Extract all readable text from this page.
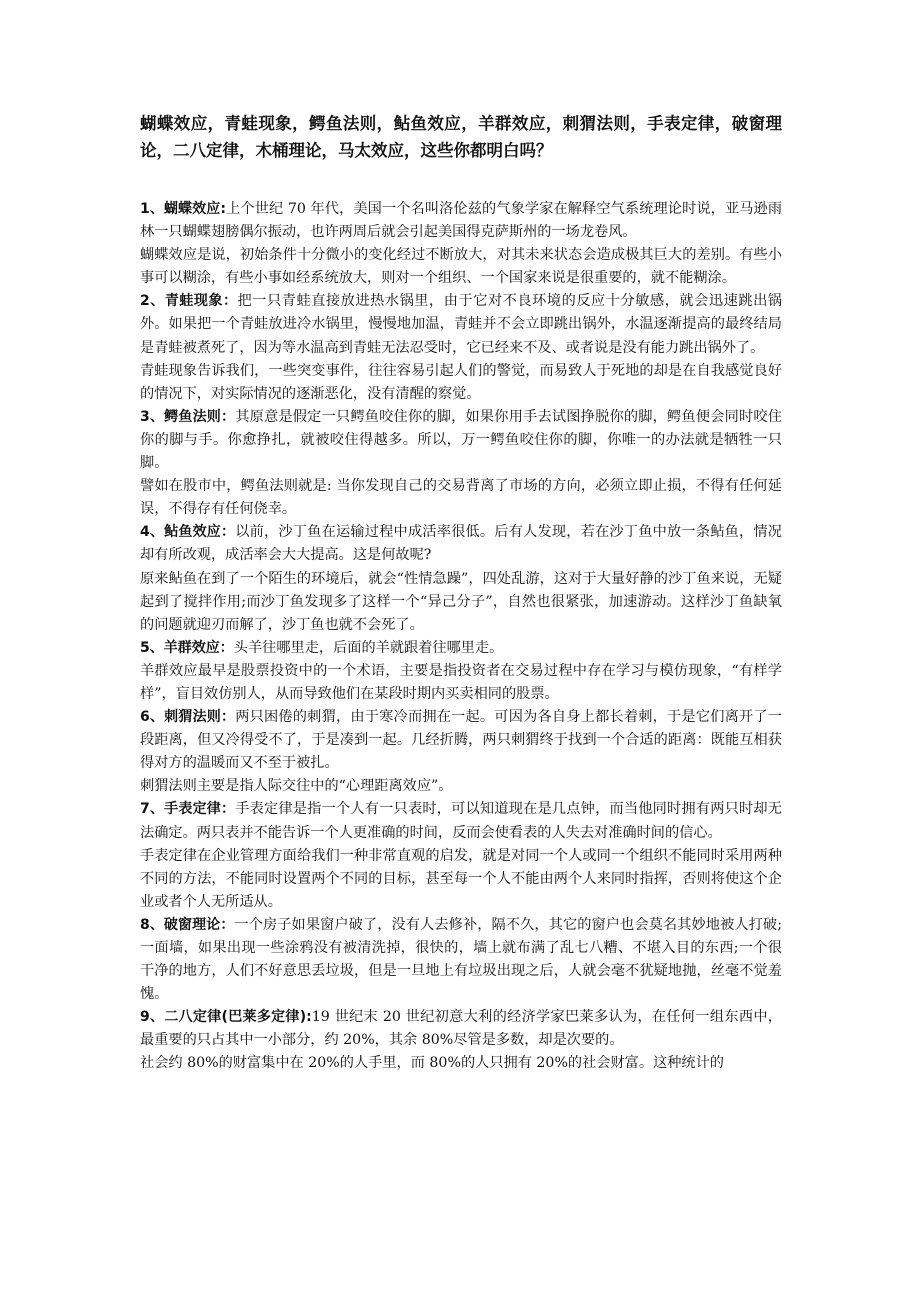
蝴蝶效应，青蛙现象，鳄鱼法则，鲇鱼效应，羊群效应，刺猬法则，手表定律，破窗理论，二八定律，木桶理论，马太效应，这些你都明白吗？

1、蝴蝶效应:上个世纪 70 年代，美国一个名叫洛伦兹的气象学家在解释空气系统理论时说，亚马逊雨林一只蝴蝶翅膀偶尔振动，也许两周后就会引起美国得克萨斯州的一场龙卷风。

蝴蝶效应是说，初始条件十分微小的变化经过不断放大，对其未来状态会造成极其巨大的差别。有些小事可以糊涂，有些小事如经系统放大，则对一个组织、一个国家来说是很重要的，就不能糊涂。

2、青蛙现象：把一只青蛙直接放进热水锅里，由于它对不良环境的反应十分敏感，就会迅速跳出锅外。如果把一个青蛙放进冷水锅里，慢慢地加温，青蛙并不会立即跳出锅外，水温逐渐提高的最终结局是青蛙被煮死了，因为等水温高到青蛙无法忍受时，它已经来不及、或者说是没有能力跳出锅外了。

青蛙现象告诉我们，一些突变事件，往往容易引起人们的警觉，而易致人于死地的却是在自我感觉良好的情况下，对实际情况的逐渐恶化，没有清醒的察觉。

3、鳄鱼法则：其原意是假定一只鳄鱼咬住你的脚，如果你用手去试图挣脱你的脚，鳄鱼便会同时咬住你的脚与手。你愈挣扎，就被咬住得越多。所以，万一鳄鱼咬住你的脚，你唯一的办法就是牺牲一只脚。

譬如在股市中，鳄鱼法则就是: 当你发现自己的交易背离了市场的方向，必须立即止损，不得有任何延误，不得存有任何侥幸。

4、鲇鱼效应：以前，沙丁鱼在运输过程中成活率很低。后有人发现，若在沙丁鱼中放一条鲇鱼，情况却有所改观，成活率会大大提高。这是何故呢?

原来鲇鱼在到了一个陌生的环境后，就会“性情急躁”，四处乱游，这对于大量好静的沙丁鱼来说，无疑起到了搅拌作用;而沙丁鱼发现多了这样一个“异己分子”，自然也很紧张，加速游动。这样沙丁鱼缺氧的问题就迎刃而解了，沙丁鱼也就不会死了。

5、羊群效应：头羊往哪里走，后面的羊就跟着往哪里走。

羊群效应最早是股票投资中的一个术语，主要是指投资者在交易过程中存在学习与模仿现象，“有样学样”，盲目效仿别人，从而导致他们在某段时期内买卖相同的股票。

6、刺猬法则：两只困倦的刺猬，由于寒冷而拥在一起。可因为各自身上都长着刺，于是它们离开了一段距离，但又冷得受不了，于是凑到一起。几经折腾，两只刺猬终于找到一个合适的距离：既能互相获得对方的温暖而又不至于被扎。

刺猬法则主要是指人际交往中的“心理距离效应”。

7、手表定律：手表定律是指一个人有一只表时，可以知道现在是几点钟，而当他同时拥有两只时却无法确定。两只表并不能告诉一个人更准确的时间，反而会使看表的人失去对准确时间的信心。

手表定律在企业管理方面给我们一种非常直观的启发，就是对同一个人或同一个组织不能同时采用两种不同的方法，不能同时设置两个不同的目标，甚至每一个人不能由两个人来同时指挥，否则将使这个企业或者个人无所适从。

8、破窗理论：一个房子如果窗户破了，没有人去修补，隔不久，其它的窗户也会莫名其妙地被人打破;一面墙，如果出现一些涂鸦没有被清洗掉，很快的，墙上就布满了乱七八糟、不堪入目的东西;一个很干净的地方，人们不好意思丢垃圾，但是一旦地上有垃圾出现之后，人就会毫不犹疑地抛，丝毫不觉羞愧。

9、二八定律(巴莱多定律):19 世纪末 20 世纪初意大利的经济学家巴莱多认为，在任何一组东西中，最重要的只占其中一小部分，约 20%，其余 80%尽管是多数，却是次要的。

社会约 80%的财富集中在 20%的人手里，而 80%的人只拥有 20%的社会财富。这种统计的
